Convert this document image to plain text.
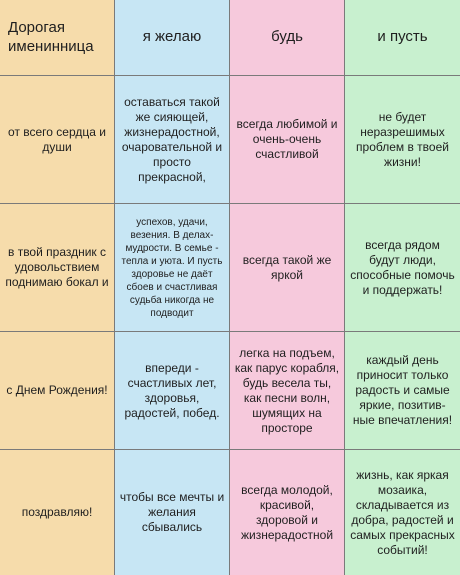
Дорогая именинница
я желаю	будь	и пусть
от всего сердца и души
оставаться такой же сияющей, жизнерадостной, очаровательной и просто прекрасной,
всегда любимой и очень-очень счастливой
не будет неразрешимых проблем в твоей жизни!
в твой праздник с удовольствием поднимаю бокал и
успехов, удачи, везения. В делах-мудрости. В семье - тепла и уюта. И пусть здоровье не даёт сбоев и счастливая судьба никогда не подводит
всегда такой же яркой
всегда рядом будут люди, способные помочь и поддержать!
с Днем Рождения!
впереди - счастливых лет, здоровья, радостей, побед.
легка на подъем, как парус корабля, будь весела ты, как песни волн, шумящих на просторе
каждый день приносит только радость и самые яркие, позитив-ные впечатления!
поздравляю!
чтобы все мечты и желания сбывались
всегда молодой, красивой, здоровой и жизнерадостной
жизнь, как яркая мозаика, складывается из добра, радостей и самых прекрасных событий!
